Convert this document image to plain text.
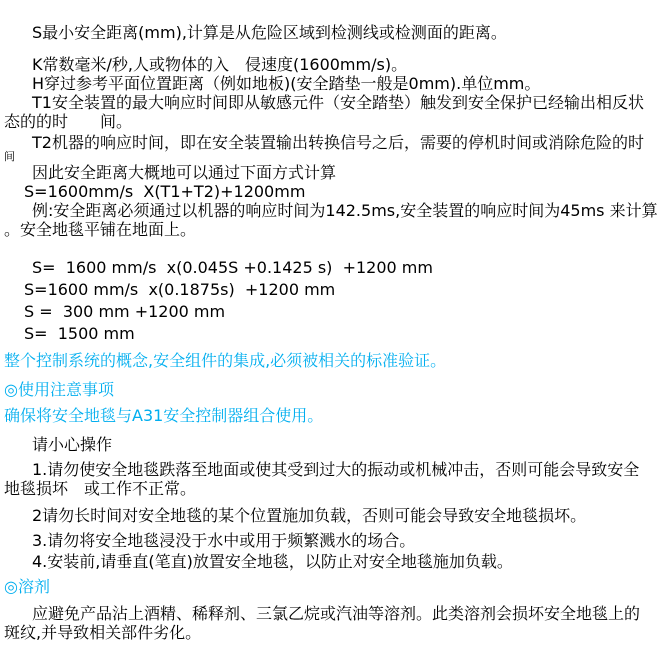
S最小安全距离(mm),计算是从危险区域到检测线或检测面的距离。

K常数毫米/秒,人或物体的入　侵速度(1600mm/s)。

H穿过参考平面位置距离（例如地板)(安全踏垫一般是0mm).单位mm。

T1安全装置的最大响应时间即从敏感元件（安全踏垫）触发到安全保护已经输出相反状

态的的时　　间。

T2机器的响应时间，即在安全装置输出转换信号之后，需要的停机时间或消除危险的时

间

因此安全距离大概地可以通过下面方式计算

S=1600mm/s  X(T1+T2)+1200mm

例:安全距离必须通过以机器的响应时间为142.5ms,安全装置的响应时间为45ms 来计算

。安全地毯平铺在地面上。

S=  1600 mm/s  x(0.045S +0.1425 s)  +1200 mm

S=1600 mm/s  x(0.1875s)  +1200 mm

S =  300 mm +1200 mm

S=  1500 mm

整个控制系统的概念,安全组件的集成,必须被相关的标准验证。

◎使用注意事项

确保将安全地毯与A31安全控制器组合使用。

请小心操作

1.请勿使安全地毯跌落至地面或使其受到过大的振动或机械冲击，否则可能会导致安全

地毯损坏　或工作不正常。

2请勿长时间对安全地毯的某个位置施加负载，否则可能会导致安全地毯损坏。

3.请勿将安全地毯浸没于水中或用于频繁溅水的场合。

4.安装前,请垂直(笔直)放置安全地毯，以防止对安全地毯施加负载。

◎溶剂

应避免产品沾上酒精、稀释剂、三氯乙烷或汽油等溶剂。此类溶剂会损坏安全地毯上的

斑纹,并导致相关部件劣化。
